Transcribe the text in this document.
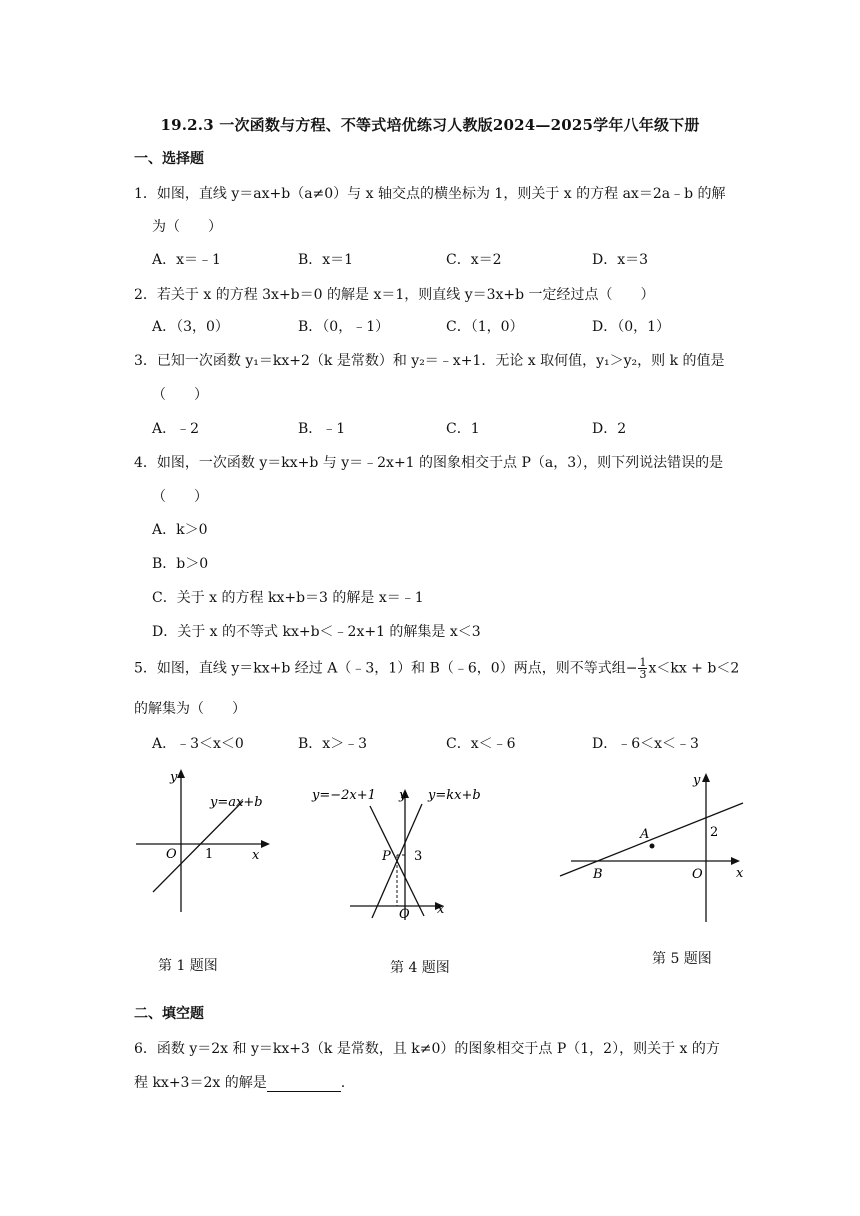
19.2.3 一次函数与方程、不等式培优练习人教版2024—2025学年八年级下册
一、选择题
1．如图，直线 y＝ax+b（a≠0）与 x 轴交点的横坐标为 1，则关于 x 的方程 ax＝2a﹣b 的解
为（　　）
A．x＝﹣1	B．x＝1	C．x＝2	D．x＝3
2．若关于 x 的方程 3x+b＝0 的解是 x＝1，则直线 y＝3x+b 一定经过点（　　）
A．（3，0）	B．（0，﹣1）	C．（1，0）	D．（0，1）
3．已知一次函数 y₁＝kx+2（k 是常数）和 y₂＝﹣x+1．无论 x 取何值，y₁＞y₂，则 k 的值是
（　　）
A．﹣2	B．﹣1	C．1	D．2
4．如图，一次函数 y＝kx+b 与 y＝﹣2x+1 的图象相交于点 P（a，3），则下列说法错误的是
（　　）
A．k＞0
B．b＞0
C．关于 x 的方程 kx+b＝3 的解是 x＝﹣1
D．关于 x 的不等式 kx+b＜﹣2x+1 的解集是 x＜3
5．如图，直线 y＝kx+b 经过 A（﹣3，1）和 B（﹣6，0）两点，则不等式组− $\frac{1}{3} x<kx + b<2$
的解集为（　　）
A．﹣3＜x＜0	B．x＞﹣3	C．x＜﹣6	D．﹣6＜x＜﹣3
y
x
O 1
y=ax+b
第 1 题图
y
x
O
P 3
y=−2x+1	y=kx+b
第 4 题图
y
x
O
A
B
2
第 5 题图
二、填空题
6．函数 y＝2x 和 y＝kx+3（k 是常数，且 k≠0）的图象相交于点 P（1，2），则关于 x 的方
程 kx+3＝2x 的解是	.
